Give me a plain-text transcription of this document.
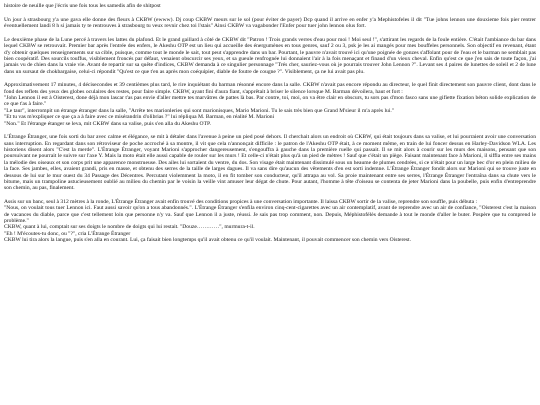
histoire de neuille que j'écris une fois tous les samedis afin de shitpost
Un jour à strasbourg y'a une gava elle donne des fleurs à CKBW (ewww). Dj coup CKBW meurs sur le sol (pour éviter de payer) Dcp quand il arrive en enfer y'a Mephistofeles il dit "Tue johns lennon une douxieme fois pier rentrer éventuellement landi 8 h si jamais ty te rentrouves à strasbourg tu veux revnir chez toi l'stais" Ainsi CKBW va vagabonder l'Enfer pour tuer john lennon olus fort.
Le deuxième phase de la Lune percé à travers les lattes du plafond. Et le grand gaillard à côté de CKBW dit "Patron ! Trois grands verres d'eau pour moi ! Moi seul !", s'attirant les regards de la foule entière. C'était l'ambiance du bar dans lequel CKBW se retrouvait. Premier bar après l'entrée des enfers, le Akeshu OTP est un lieu qui accueille des énergumènes en tous genres, sauf 2 ou 3, psk je les ai mangés pour mes bouffeles personnels. Son objectif en revenant, étant d'y obtenir quelques renseignements sur sa cible, puisque, comme tout le monde le sait, tout peut s'apprendre dans un bar. Pourtant, le pauvre n'avait trouvé ici qu'une poignée de gonzes s'affolant pour de l'eau et le barman ne semblait pas bien coopératif. Des sourcils touffus, visiblement froncés par défaut, venaient obscurcir ses yeux, et sa gueule renfrognée lui donnaient l'air à la fois menaçant et finaud d'un vieux cheval. Enfin qu'est ce que j'en sais de toute façon, j'ai jamais vu de chien dans la vraie vie. Avant de repartir sur sa quête d'indices, CKBW demanda à ce singulier personnage "Trés cher, sauriez-vous où je pourrais trouver John Lennon ?". Levant ses 4 paires de lunettes de soleil et 2 de lune dans un sursaut de chokbargaise, celui-ci répondit "Qu'est ce que t'en as après mon coéquipier, diable de foutre de cougne ?". Visiblement, ça ne lui avait pas plu.
Approximativement 17 minutes, 4 décisecondes et 39 centièmes plus tard, le rire inquiétant du barman résonné encore dans la salle. CKBW n'avait pas encore répondu au directeur, le quel finit directement son pauvre client, dont dans le fond des reflets des yeux des globes oculaires des restes, pour faire simple. CKBW, ayant fini d'aura fiant, s'apprêtait à briser le silence lorsque M. Barman dévoilera, haut et fort :
"John Lennon il est à Oisterest, done déjà mon lascar t'as pas envie d'aller mettre tes marvâtres de pattes là bas. Par contre, toi, moi, on va être clair en obscurs, tu sors pas d'mon fasco sans une gifiette fixation béton solide explication de ce que t'as à faire."
"Le taur", interrompit un étrange étranger dans la salle, "Arrête tes marionleries qui sont marionisques, Mario Marioni. Tu le sais très bien que Grand M'sieur il m'a après lui."
"Et tu vas m'expliquer ce que ça a à faire avec ce misérandrin d'olibrias ?" lui répliqua M. Barman, en réalité M. Marioni
"Non." Et l'étrange étanger se leva, mit CKBW dans sa valise, puis s'en alla du Akeshu OTP.
L'Étrange Étranger, une fois sorti du bar avec calme et élégance, se mit à détaler dans l'avenue à peine un pied posé dehors. Il cherchait alors un endroit où CKBW, qui était toujours dans sa valise, et lui pourraient avoir une conversation sans interruption. En regardant dans son rétroviseur de poche accroché à sa montre, il vit que cela n'annonçait difficile : le patron de l'Akeshu OTP était, à ce moment même, en train de lui foncer dessus en Harley-Davidson WLA. Les historiens disent alors "C'est la merde". L'Étrange Étranger, voyant Marioni s'approcher dangereusement, s'engouffra à gauche dans la première ruelle qui passait. Il se mit alors à courir sur les murs des maisons, pensant que son poursuivant ne pourrait le suivre sur l'axe Y. Mais la moto était elle aussi capable de rouler sur les murs ! Et celle-ci n'était plus qu'à un pied de mètres ! Sauf que c'était un piège. Faisant maintenant face à Marioni, il siffla entre ses mains la mélodie des oiseaux et son corps prit une apparence monstrueuse. Des ailes lui sortaient du ventre, du dos. Son visage était maintenant dissimulé sous un heaume de plumes cendrées, si ce n'était pour un large bec d'or en plein milieu de la face. Ses jambes, elles, avaient grandi, pris en masse, et obtenu des serres de la taille de larges dagues. Il va sans dire qu'aucun des vêtements d'en est sorti indemne. L'Étrange Étranger fondit alors sur Marioni qui se trouve juste en dessous de lui sur le mur ouest du 34 Passage des Décentres. Percutant violemment la moto, il en fit tomber son conducteur, qu'il attrapa au vol. Sa proie maintenant entre ses serres, l'Étrange Étranger l'entraîna dans sa chute vers le bitume, mais un trampoline astucieusement oublié au milieu du chemin par le voisin la veille vint amuser leur dégat de chute. Pour autant, l'homme à tête d'oiseau se contenta de jeter Marioni dans la poubelle, puis enfin d'entreprendre son chemin, au pas, finalement.
Assis sur un banc, seul à 312 mètres à la ronde, L'Étrange Étranger avait enfin trouvé des conditions propices à une conversation importante. Il laissa CKBW sortir de la valise, reprendre son souffle, puis débuta :
"Nous, on voulait tous tuer Lennon ici. Faut aussi savoir qu'on a tous abandonnés.". L'Étrange Étranger s'enfila environ cinq-cent-cigarettes avec un air contemplatif, avant de reprendre avec un air de confiance, "Oisterest c'est la maison de vacances du diable, parce que c'est tellement loin que personne n'y va. Sauf que Lennon il a juste, réussi. Je sais pas trop comment, non. Depuis, Méphistofélès demande à tout le monde d'aller le buter. Pospère que tu comprend le problème."
CKBW, quant à lui, comptait sur ses doigts le nombre de doigts qui lui restait. "Douze…………", murmura-t-il.
"Eh ! M'écoutes-tu donc, ou "?", cria L'Étrange Étranger
CKBW lui tira alors la langue, puis s'en alla en courant. Lui, ça faisait bien longtemps qu'il avait obtenu ce qu'il voulait. Maintenant, il pouvait commencer son chemin vers Oisterest.
